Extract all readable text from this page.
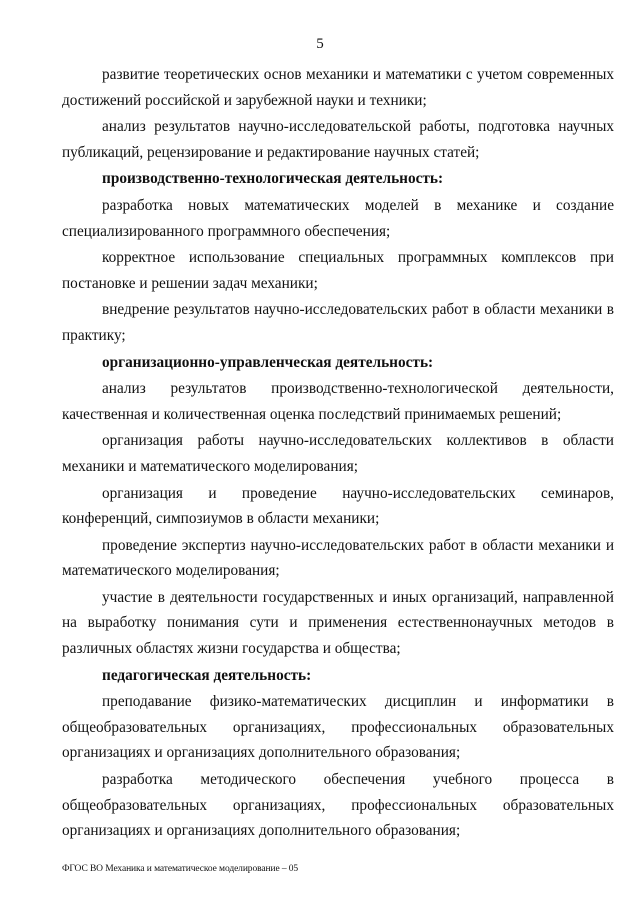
5

развитие теоретических основ механики и математики с учетом современных достижений российской и зарубежной науки и техники;

анализ результатов научно-исследовательской работы, подготовка научных публикаций, рецензирование и редактирование научных статей;

производственно-технологическая деятельность:

разработка новых математических моделей в механике и создание специализированного программного обеспечения;

корректное использование специальных программных комплексов при постановке и решении задач механики;

внедрение результатов научно-исследовательских работ в области механики в практику;

организационно-управленческая деятельность:

анализ результатов производственно-технологической деятельности, качественная и количественная оценка последствий принимаемых решений;

организация работы научно-исследовательских коллективов в области механики и математического моделирования;

организация и проведение научно-исследовательских семинаров, конференций, симпозиумов в области механики;

проведение экспертиз научно-исследовательских работ в области механики и математического моделирования;

участие в деятельности государственных и иных организаций, направленной на выработку понимания сути и применения естественнонаучных методов в различных областях жизни государства и общества;

педагогическая деятельность:

преподавание физико-математических дисциплин и информатики в общеобразовательных организациях, профессиональных образовательных организациях и организациях дополнительного образования;

разработка методического обеспечения учебного процесса в общеобразовательных организациях, профессиональных образовательных организациях и организациях дополнительного образования;

ФГОС ВО Механика и математическое моделирование – 05
